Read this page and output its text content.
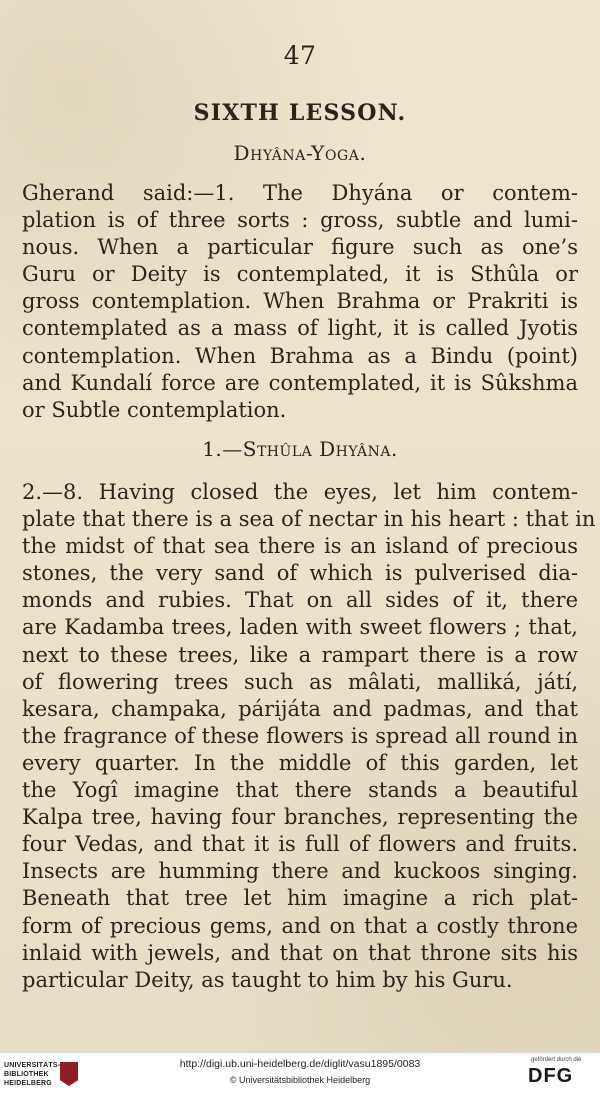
47
SIXTH LESSON.
Dhyâna-Yoga.
Gherand said:—1. The Dhyána or contem-
plation is of three sorts : gross, subtle and lumi-
nous. When a particular figure such as one’s
Guru or Deity is contemplated, it is Sthûla or
gross contemplation. When Brahma or Prakriti is
contemplated as a mass of light, it is called Jyotis
contemplation. When Brahma as a Bindu (point)
and Kundalí force are contemplated, it is Sûkshma
or Subtle contemplation.
1.—Sthûla Dhyâna.
2.—8. Having closed the eyes, let him contem-
plate that there is a sea of nectar in his heart : that in
the midst of that sea there is an island of precious
stones, the very sand of which is pulverised dia-
monds and rubies. That on all sides of it, there
are Kadamba trees, laden with sweet flowers ; that,
next to these trees, like a rampart there is a row
of flowering trees such as mâlati, malliká, játí,
kesara, champaka, párijáta and padmas, and that
the fragrance of these flowers is spread all round in
every quarter. In the middle of this garden, let
the Yogî imagine that there stands a beautiful
Kalpa tree, having four branches, representing the
four Vedas, and that it is full of flowers and fruits.
Insects are humming there and kuckoos singing.
Beneath that tree let him imagine a rich plat-
form of precious gems, and on that a costly throne
inlaid with jewels, and that on that throne sits his
particular Deity, as taught to him by his Guru.
UNIVERSITÄTS-
BIBLIOTHEK
HEIDELBERG
http://digi.ub.uni-heidelberg.de/diglit/vasu1895/0083
© Universitätsbibliothek Heidelberg
gefördert durch die
DFG
